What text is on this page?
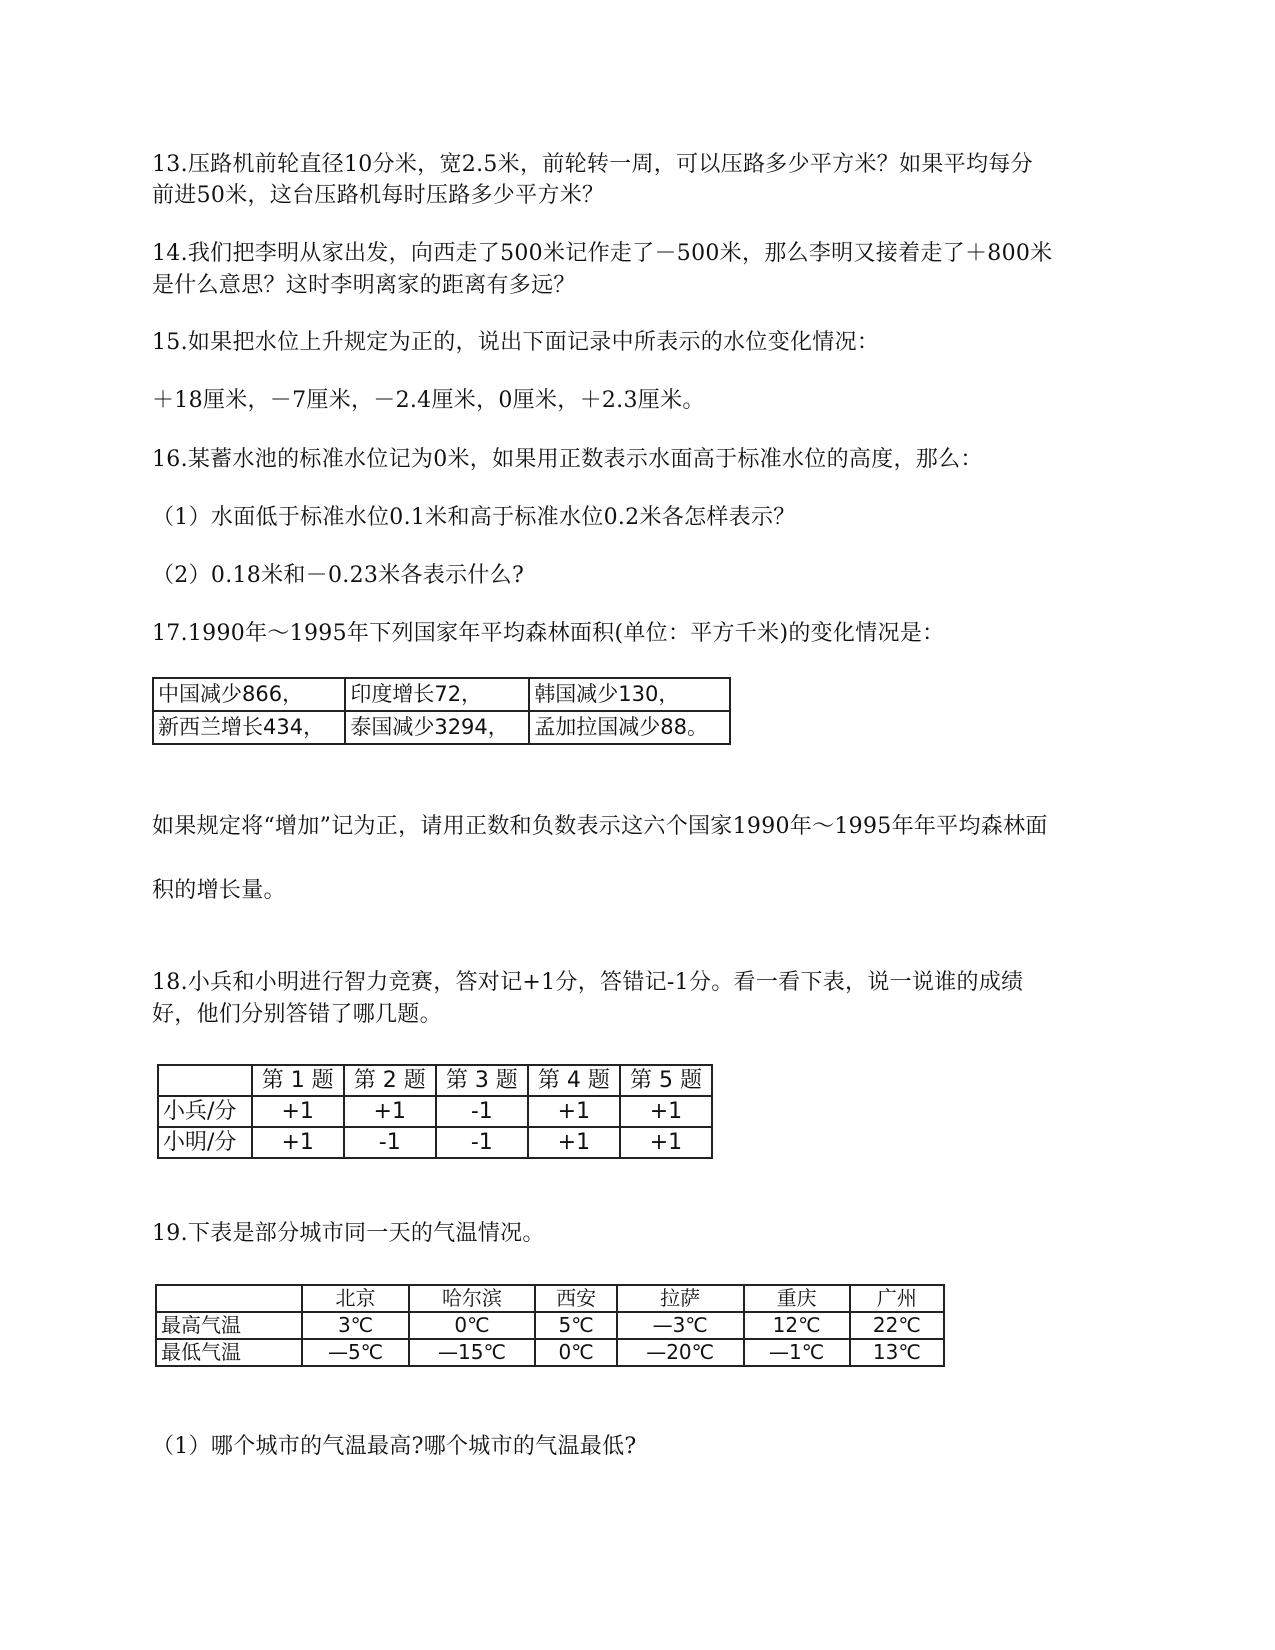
13.压路机前轮直径10分米，宽2.5米，前轮转一周，可以压路多少平方米？如果平均每分
前进50米，这台压路机每时压路多少平方米？
14.我们把李明从家出发，向西走了500米记作走了－500米，那么李明又接着走了＋800米
是什么意思？这时李明离家的距离有多远？
15.如果把水位上升规定为正的，说出下面记录中所表示的水位变化情况：
＋18厘米，－7厘米，－2.4厘米，0厘米，＋2.3厘米。
16.某蓄水池的标准水位记为0米，如果用正数表示水面高于标准水位的高度，那么：
（1）水面低于标准水位0.1米和高于标准水位0.2米各怎样表示？
（2）0.18米和－0.23米各表示什么?
17.1990年～1995年下列国家年平均森林面积(单位：平方千米)的变化情况是：
中国减少866，	印度增长72，	韩国减少130，
新西兰增长434，	泰国减少3294，	孟加拉国减少88。
如果规定将“增加”记为正，请用正数和负数表示这六个国家1990年～1995年年平均森林面
积的增长量。
18.小兵和小明进行智力竞赛，答对记+1分，答错记-1分。看一看下表，说一说谁的成绩
好，他们分别答错了哪几题。
	第 1 题	第 2 题	第 3 题	第 4 题	第 5 题
小兵/分	+1	+1	-1	+1	+1
小明/分	+1	-1	-1	+1	+1
19.下表是部分城市同一天的气温情况。
	北京	哈尔滨	西安	拉萨	重庆	广州
最高气温	3℃	0℃	5℃	—3℃	12℃	22℃
最低气温	—5℃	—15℃	0℃	—20℃	—1℃	13℃
（1）哪个城市的气温最高?哪个城市的气温最低?
